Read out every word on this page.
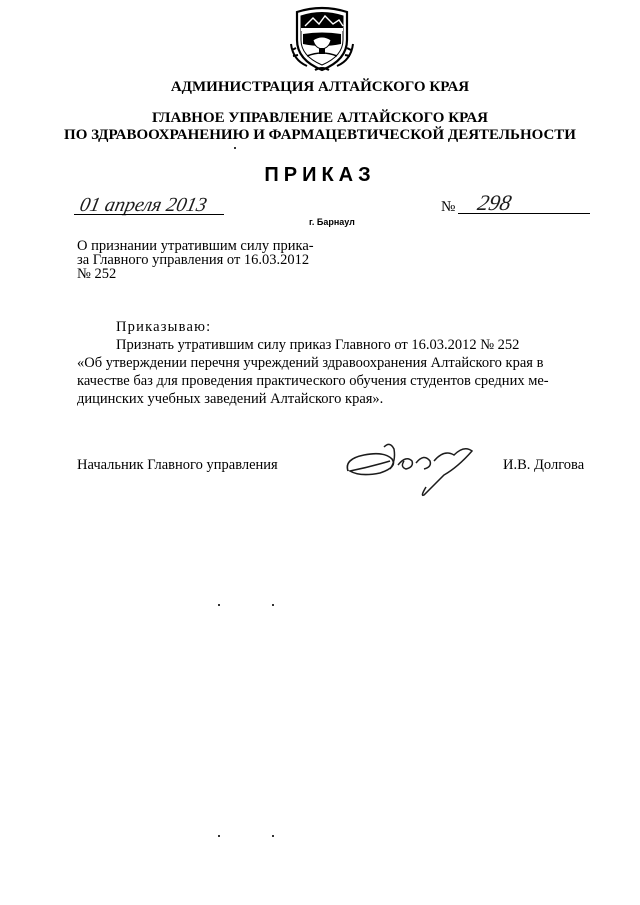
АДМИНИСТРАЦИЯ АЛТАЙСКОГО КРАЯ
ГЛАВНОЕ УПРАВЛЕНИЕ АЛТАЙСКОГО КРАЯ
ПО ЗДРАВООХРАНЕНИЮ И ФАРМАЦЕВТИЧЕСКОЙ ДЕЯТЕЛЬНОСТИ
ПРИКАЗ
01 апреля 2013
г. Барнаул
№ 298
О признании утратившим силу прика-
за Главного управления от 16.03.2012
№ 252
Приказываю:
Признать утратившим силу приказ Главного от 16.03.2012 № 252
«Об утверждении перечня учреждений здравоохранения Алтайского края в
качестве баз для проведения практического обучения студентов средних ме-
дицинских учебных заведений Алтайского края».
Начальник Главного управления	И.В. Долгова
